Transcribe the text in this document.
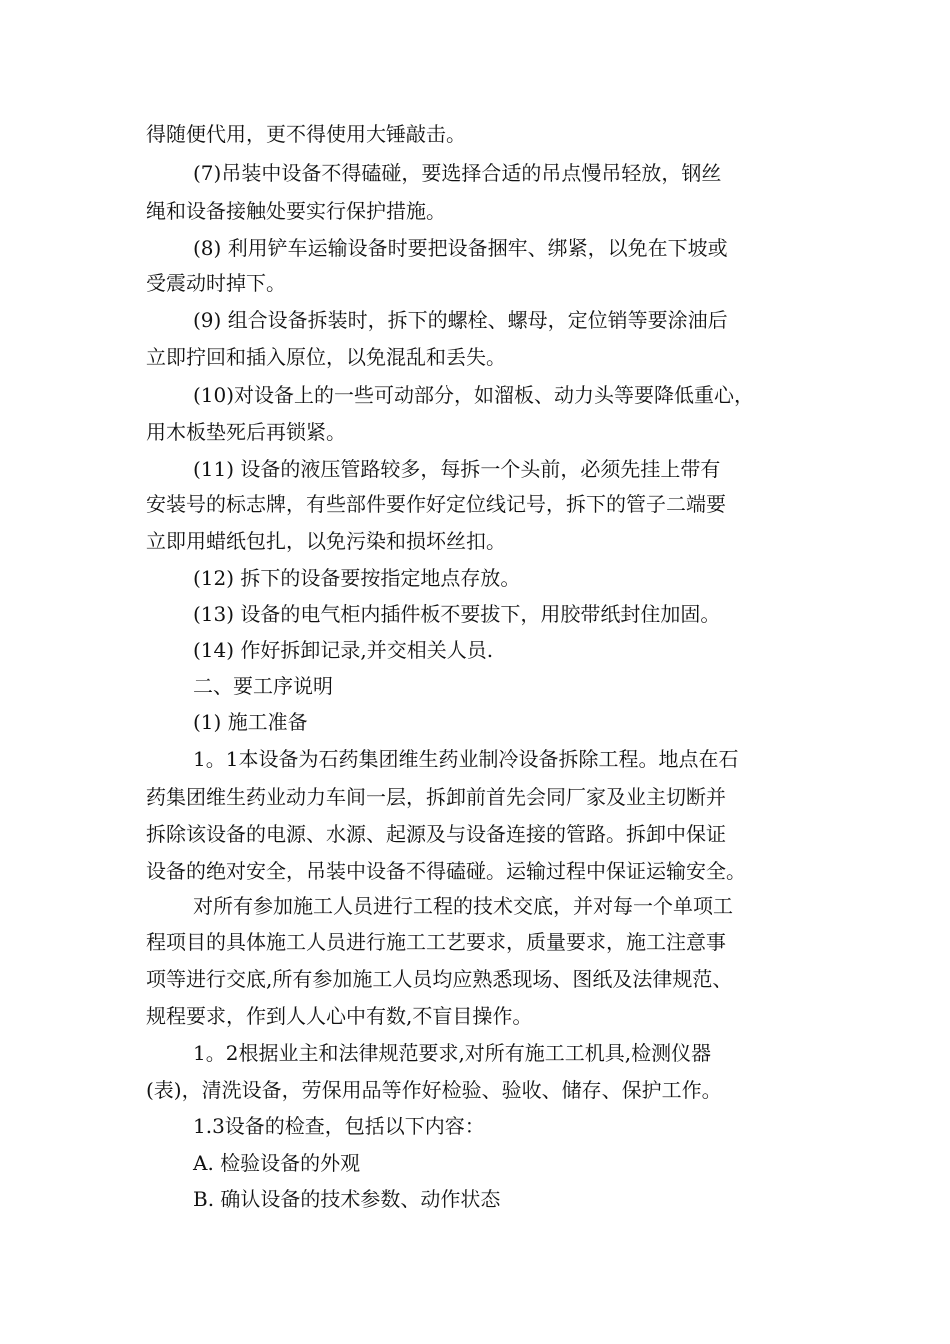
得随便代用，更不得使用大锤敲击。
(7)吊装中设备不得磕碰，要选择合适的吊点慢吊轻放，钢丝
绳和设备接触处要实行保护措施。
(8) 利用铲车运输设备时要把设备捆牢、绑紧，以免在下坡或
受震动时掉下。
(9) 组合设备拆装时，拆下的螺栓、螺母，定位销等要涂油后
立即拧回和插入原位，以免混乱和丢失。
(10)对设备上的一些可动部分，如溜板、动力头等要降低重心，
用木板垫死后再锁紧。
(11) 设备的液压管路较多，每拆一个头前，必须先挂上带有
安装号的标志牌，有些部件要作好定位线记号，拆下的管子二端要
立即用蜡纸包扎，以免污染和损坏丝扣。
(12) 拆下的设备要按指定地点存放。
(13) 设备的电气柜内插件板不要拔下，用胶带纸封住加固。
(14) 作好拆卸记录,并交相关人员.
二、要工序说明
(1) 施工准备
1。1本设备为石药集团维生药业制冷设备拆除工程。地点在石
药集团维生药业动力车间一层，拆卸前首先会同厂家及业主切断并
拆除该设备的电源、水源、起源及与设备连接的管路。拆卸中保证
设备的绝对安全，吊装中设备不得磕碰。运输过程中保证运输安全。
对所有参加施工人员进行工程的技术交底，并对每一个单项工
程项目的具体施工人员进行施工工艺要求，质量要求，施工注意事
项等进行交底,所有参加施工人员均应熟悉现场、图纸及法律规范、
规程要求，作到人人心中有数,不盲目操作。
1。2根据业主和法律规范要求,对所有施工工机具,检测仪器
(表)，清洗设备，劳保用品等作好检验、验收、储存、保护工作。
1.3设备的检查，包括以下内容：
A. 检验设备的外观
B. 确认设备的技术参数、动作状态
